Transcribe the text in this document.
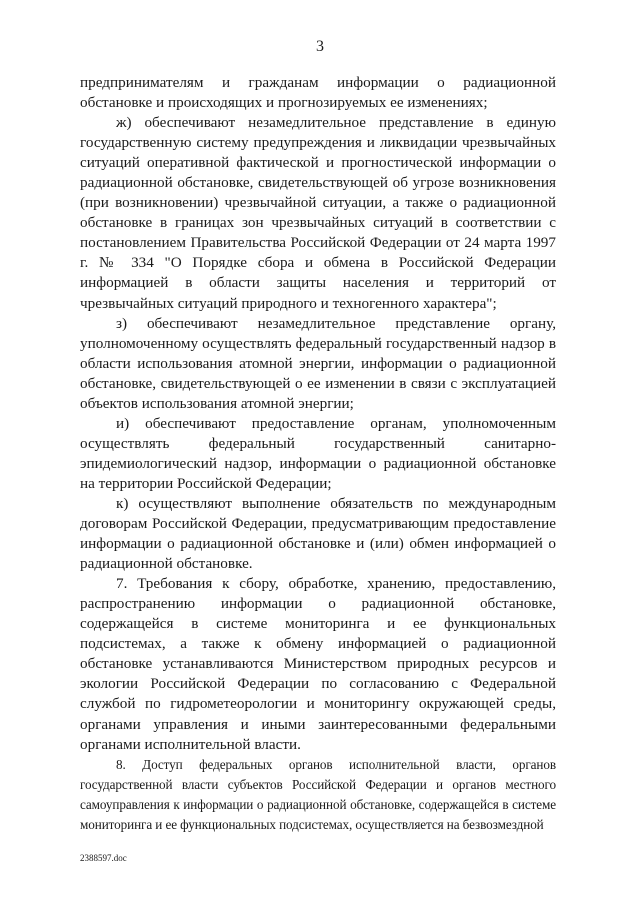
3

предпринимателям и гражданам информации о радиационной обстановке и происходящих и прогнозируемых ее изменениях;

ж) обеспечивают незамедлительное представление в единую государственную систему предупреждения и ликвидации чрезвычайных ситуаций оперативной фактической и прогностической информации о радиационной обстановке, свидетельствующей об угрозе возникновения (при возникновении) чрезвычайной ситуации, а также о радиационной обстановке в границах зон чрезвычайных ситуаций в соответствии с постановлением Правительства Российской Федерации от 24 марта 1997 г. № 334 "О Порядке сбора и обмена в Российской Федерации информацией в области защиты населения и территорий от чрезвычайных ситуаций природного и техногенного характера";

з) обеспечивают незамедлительное представление органу, уполномоченному осуществлять федеральный государственный надзор в области использования атомной энергии, информации о радиационной обстановке, свидетельствующей о ее изменении в связи с эксплуатацией объектов использования атомной энергии;

и) обеспечивают предоставление органам, уполномоченным осуществлять федеральный государственный санитарно-эпидемиологический надзор, информации о радиационной обстановке на территории Российской Федерации;

к) осуществляют выполнение обязательств по международным договорам Российской Федерации, предусматривающим предоставление информации о радиационной обстановке и (или) обмен информацией о радиационной обстановке.

7. Требования к сбору, обработке, хранению, предоставлению, распространению информации о радиационной обстановке, содержащейся в системе мониторинга и ее функциональных подсистемах, а также к обмену информацией о радиационной обстановке устанавливаются Министерством природных ресурсов и экологии Российской Федерации по согласованию с Федеральной службой по гидрометеорологии и мониторингу окружающей среды, органами управления и иными заинтересованными федеральными органами исполнительной власти.

8. Доступ федеральных органов исполнительной власти, органов государственной власти субъектов Российской Федерации и органов местного самоуправления к информации о радиационной обстановке, содержащейся в системе мониторинга и ее функциональных подсистемах, осуществляется на безвозмездной

2388597.doc
